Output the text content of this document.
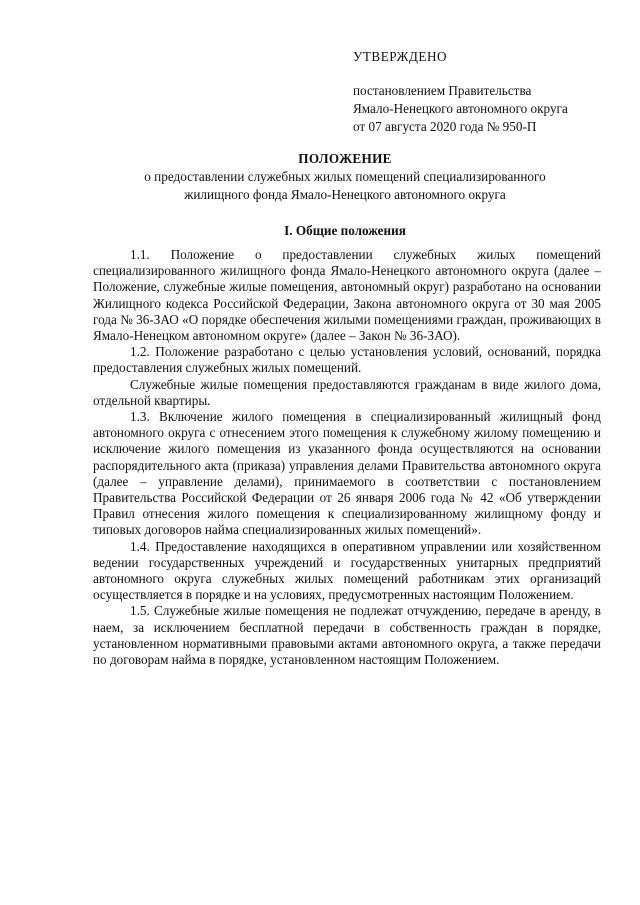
УТВЕРЖДЕНО
постановлением Правительства
Ямало-Ненецкого автономного округа
от 07 августа 2020 года № 950-П
ПОЛОЖЕНИЕ
о предоставлении служебных жилых помещений специализированного
жилищного фонда Ямало-Ненецкого автономного округа
I. Общие положения

1.1. Положение о предоставлении служебных жилых помещений специализированного жилищного фонда Ямало-Ненецкого автономного округа (далее – Положение, служебные жилые помещения, автономный округ) разработано на основании Жилищного кодекса Российской Федерации, Закона автономного округа от 30 мая 2005 года № 36-ЗАО «О порядке обеспечения жилыми помещениями граждан, проживающих в Ямало-Ненецком автономном округе» (далее – Закон № 36-ЗАО).

1.2. Положение разработано с целью установления условий, оснований, порядка предоставления служебных жилых помещений.

Служебные жилые помещения предоставляются гражданам в виде жилого дома, отдельной квартиры.

1.3. Включение жилого помещения в специализированный жилищный фонд автономного округа с отнесением этого помещения к служебному жилому помещению и исключение жилого помещения из указанного фонда осуществляются на основании распорядительного акта (приказа) управления делами Правительства автономного округа (далее – управление делами), принимаемого в соответствии с постановлением Правительства Российской Федерации от 26 января 2006 года № 42 «Об утверждении Правил отнесения жилого помещения к специализированному жилищному фонду и типовых договоров найма специализированных жилых помещений».

1.4. Предоставление находящихся в оперативном управлении или хозяйственном ведении государственных учреждений и государственных унитарных предприятий автономного округа служебных жилых помещений работникам этих организаций осуществляется в порядке и на условиях, предусмотренных настоящим Положением.

1.5. Служебные жилые помещения не подлежат отчуждению, передаче в аренду, в наем, за исключением бесплатной передачи в собственность граждан в порядке, установленном нормативными правовыми актами автономного округа, а также передачи по договорам найма в порядке, установленном настоящим Положением.
